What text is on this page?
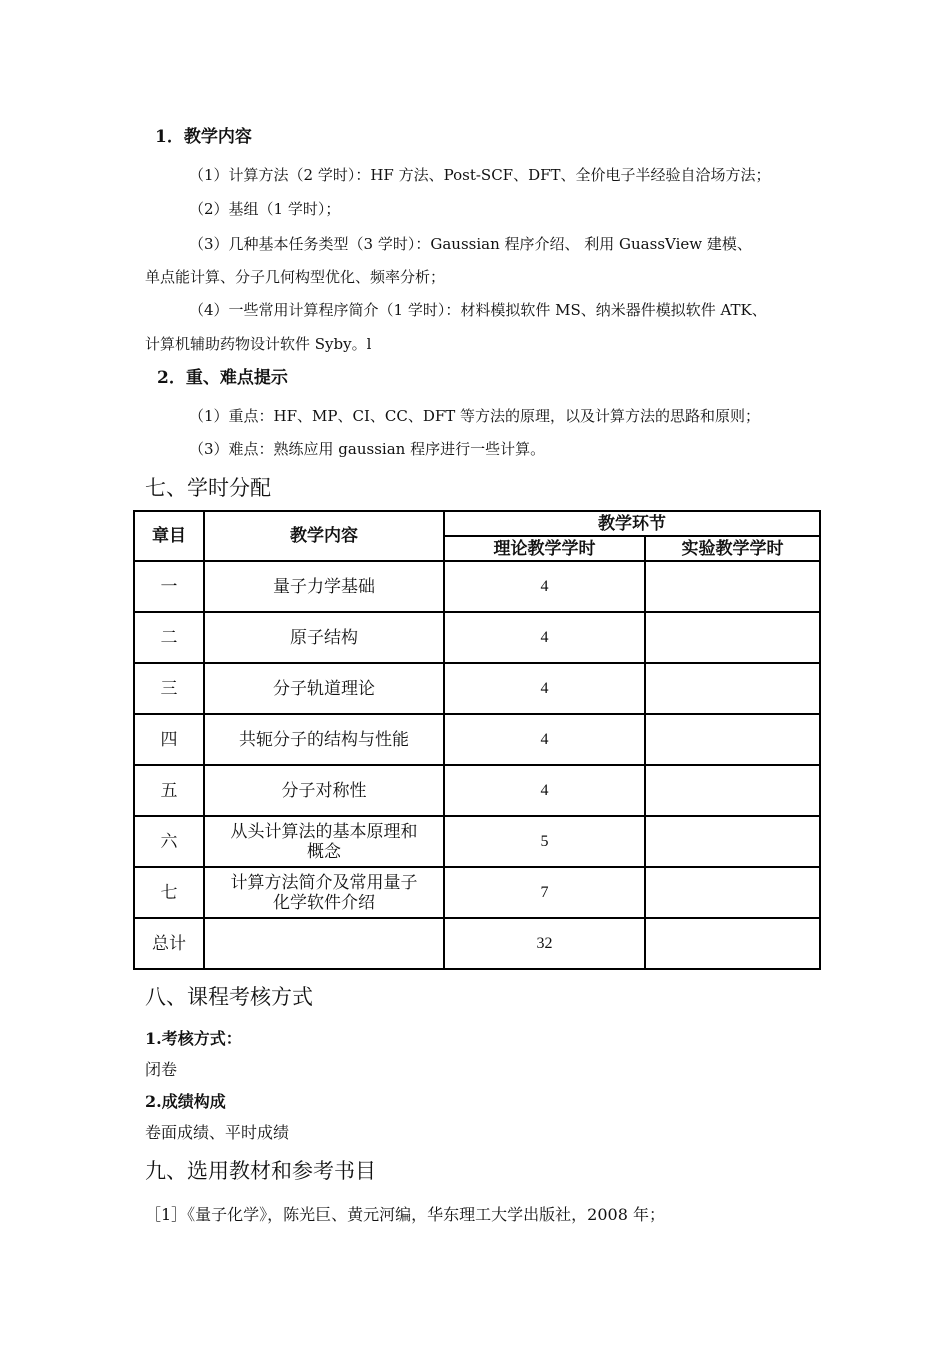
1．教学内容
（1）计算方法（2 学时）：HF 方法、Post-SCF、DFT、全价电子半经验自洽场方法；
（2）基组（1 学时）；
（3）几种基本任务类型（3 学时）：Gaussian 程序介绍、 利用 GuassView 建模、
单点能计算、分子几何构型优化、频率分析；
（4）一些常用计算程序简介（1 学时）：材料模拟软件 MS、纳米器件模拟软件 ATK、
计算机辅助药物设计软件 Syby。l
2．重、难点提示
（1）重点：HF、MP、CI、CC、DFT 等方法的原理，以及计算方法的思路和原则；
（3）难点：熟练应用 gaussian 程序进行一些计算。
七、学时分配
章目	教学内容	教学环节	
		理论教学学时	实验教学学时
一	量子力学基础	4	
二	原子结构	4	
三	分子轨道理论	4	
四	共轭分子的结构与性能	4	
五	分子对称性	4	
六	从头计算法的基本原理和
概念	5	
七	计算方法简介及常用量子
化学软件介绍	7	
总计		32	
八、课程考核方式
1.考核方式：
闭卷
2.成绩构成
卷面成绩、平时成绩
九、选用教材和参考书目
［1］《量子化学》，陈光巨、黄元河编，华东理工大学出版社，2008 年；
